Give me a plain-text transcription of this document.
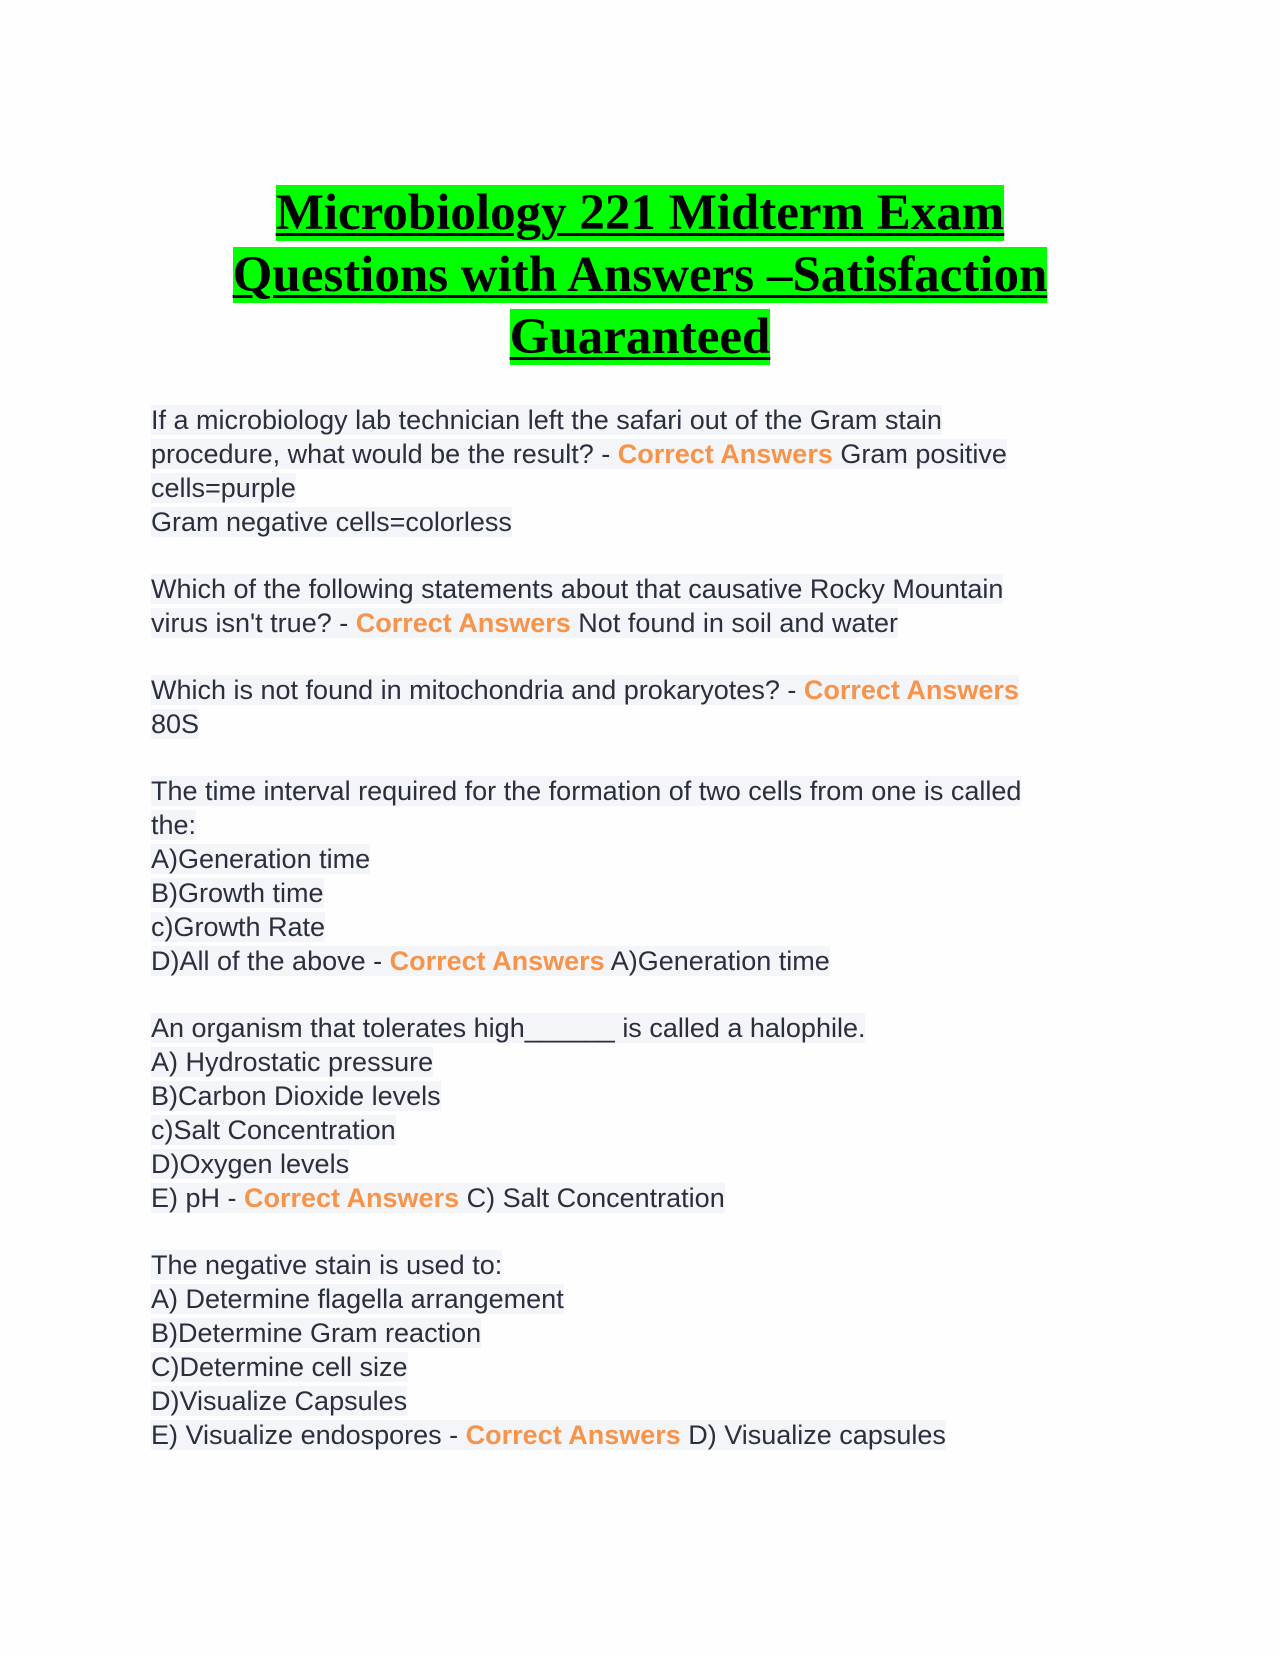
Microbiology 221 Midterm Exam
Questions with Answers –Satisfaction
Guaranteed
If a microbiology lab technician left the safari out of the Gram stain
procedure, what would be the result? - Correct Answers Gram positive
cells=purple
Gram negative cells=colorless
Which of the following statements about that causative Rocky Mountain
virus isn't true? - Correct Answers Not found in soil and water
Which is not found in mitochondria and prokaryotes? - Correct Answers
80S
The time interval required for the formation of two cells from one is called
the:
A)Generation time
B)Growth time
c)Growth Rate
D)All of the above - Correct Answers A)Generation time
An organism that tolerates high______ is called a halophile.
A) Hydrostatic pressure
B)Carbon Dioxide levels
c)Salt Concentration
D)Oxygen levels
E) pH - Correct Answers C) Salt Concentration
The negative stain is used to:
A) Determine flagella arrangement
B)Determine Gram reaction
C)Determine cell size
D)Visualize Capsules
E) Visualize endospores - Correct Answers D) Visualize capsules
